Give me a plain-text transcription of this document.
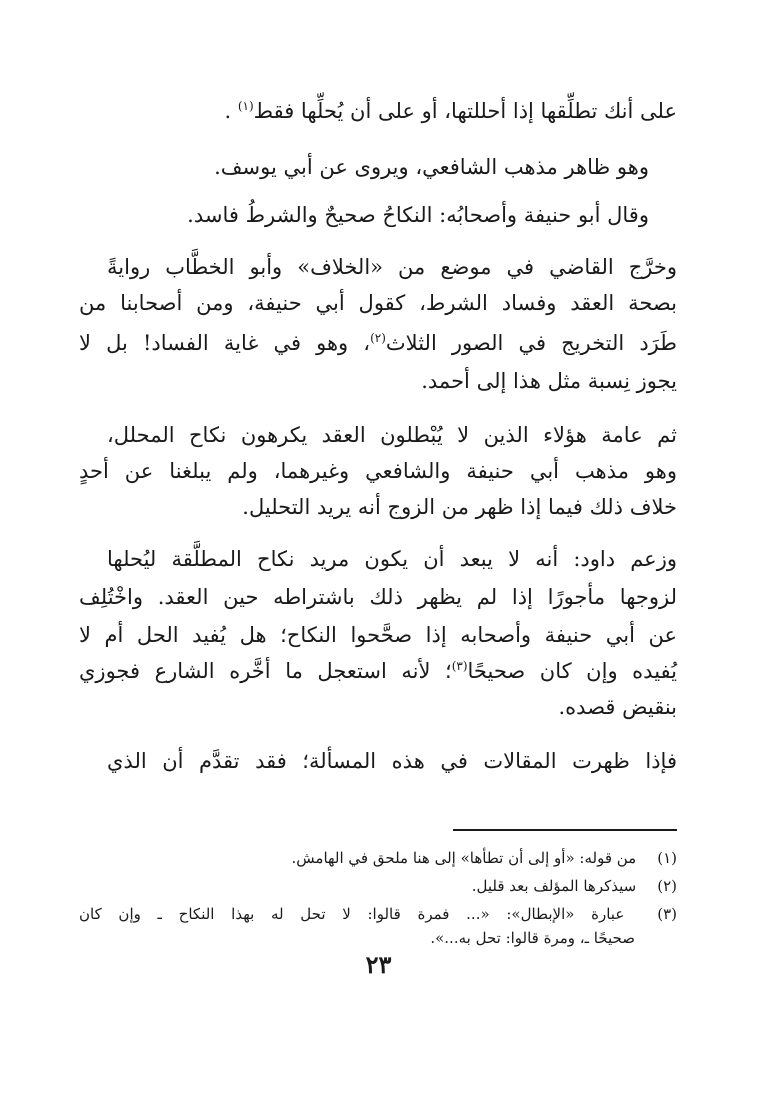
على أنك تطلِّقها إذا أحللتها، أو على أن يُحلِّها فقط$^{(١)}$ .
وهو ظاهر مذهب الشافعي، ويروى عن أبي يوسف.
وقال أبو حنيفة وأصحابُه: النكاحُ صحيحٌ والشرطُ فاسد.
وخرَّج القاضي في موضع من «الخلاف» وأبو الخطَّاب روايةً
بصحة العقد وفساد الشرط، كقول أبي حنيفة، ومن أصحابنا من
طَرَد التخريج في الصور الثلاث$^{(٢)}$، وهو في غاية الفساد! بل لا
يجوز نِسبة مثل هذا إلى أحمد.
ثم عامة هؤلاء الذين لا يُبْطلون العقد يكرهون نكاح المحلل،
وهو مذهب أبي حنيفة والشافعي وغيرهما، ولم يبلغنا عن أحدٍ
خلاف ذلك فيما إذا ظهر من الزوج أنه يريد التحليل.
وزعم داود: أنه لا يبعد أن يكون مريد نكاح المطلَّقة ليُحلها
لزوجها مأجورًا إذا لم يظهر ذلك باشتراطه حين العقد. واخْتُلِف
عن أبي حنيفة وأصحابه إذا صحَّحوا النكاح؛ هل يُفيد الحل أم لا
يُفيده وإن كان صحيحًا$^{(٣)}$؛ لأنه استعجل ما أخَّره الشارع فجوزي
بنقيض قصده.
فإذا ظهرت المقالات في هذه المسألة؛ فقد تقدَّم أن الذي
(١) من قوله: «أو إلى أن تطأها» إلى هنا ملحق في الهامش.
(٢) سيذكرها المؤلف بعد قليل.
(٣) عبارة «الإبطال»: «... فمرة قالوا: لا تحل له بهذا النكاح ـ وإن كان
صحيحًا ـ، ومرة قالوا: تحل به...».
٢٣
